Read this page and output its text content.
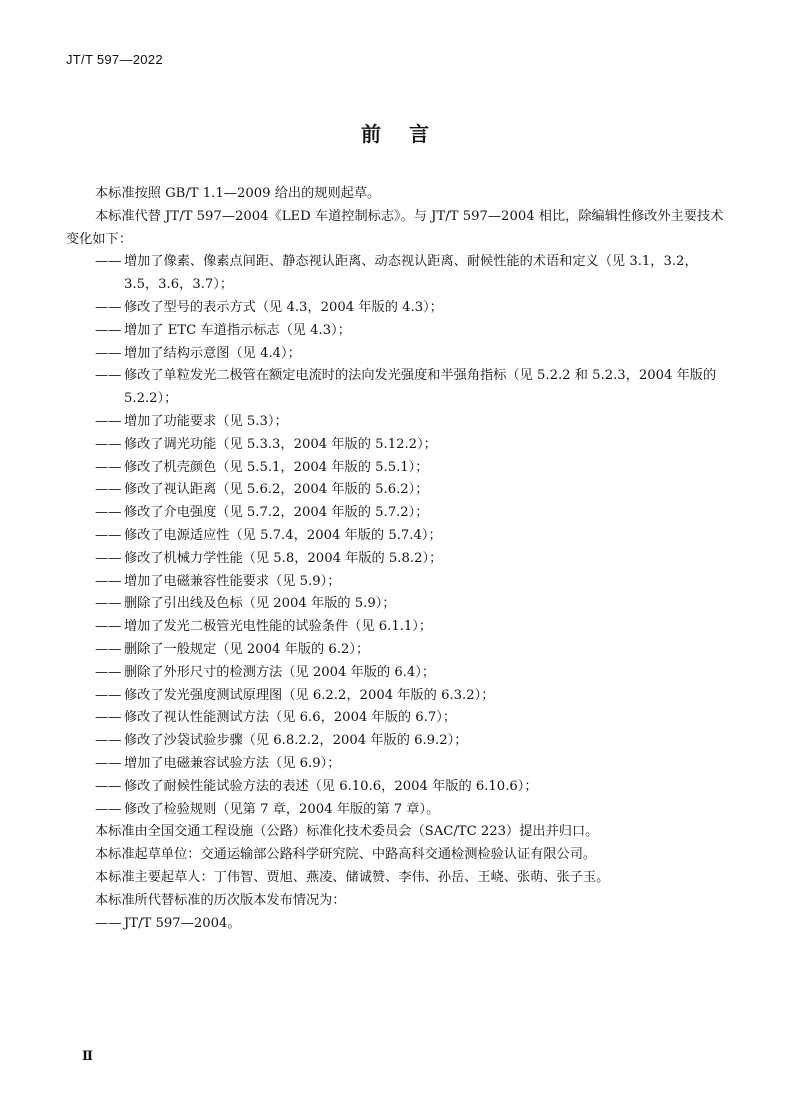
JT/T 597—2022
前言

本标准按照 GB/T 1.1—2009 给出的规则起草。

本标准代替 JT/T 597—2004《LED 车道控制标志》。与 JT/T 597—2004 相比，除编辑性修改外主要技术变化如下：

—— 增加了像素、像素点间距、静态视认距离、动态视认距离、耐候性能的术语和定义（见 3.1，3.2，3.5，3.6，3.7）；

—— 修改了型号的表示方式（见 4.3，2004 年版的 4.3）；

—— 增加了 ETC 车道指示标志（见 4.3）；

—— 增加了结构示意图（见 4.4）；

—— 修改了单粒发光二极管在额定电流时的法向发光强度和半强角指标（见 5.2.2 和 5.2.3，2004 年版的 5.2.2）；

—— 增加了功能要求（见 5.3）；

—— 修改了调光功能（见 5.3.3，2004 年版的 5.12.2）；

—— 修改了机壳颜色（见 5.5.1，2004 年版的 5.5.1）；

—— 修改了视认距离（见 5.6.2，2004 年版的 5.6.2）；

—— 修改了介电强度（见 5.7.2，2004 年版的 5.7.2）；

—— 修改了电源适应性（见 5.7.4，2004 年版的 5.7.4）；

—— 修改了机械力学性能（见 5.8，2004 年版的 5.8.2）；

—— 增加了电磁兼容性能要求（见 5.9）；

—— 删除了引出线及色标（见 2004 年版的 5.9）；

—— 增加了发光二极管光电性能的试验条件（见 6.1.1）；

—— 删除了一般规定（见 2004 年版的 6.2）；

—— 删除了外形尺寸的检测方法（见 2004 年版的 6.4）；

—— 修改了发光强度测试原理图（见 6.2.2，2004 年版的 6.3.2）；

—— 修改了视认性能测试方法（见 6.6，2004 年版的 6.7）；

—— 修改了沙袋试验步骤（见 6.8.2.2，2004 年版的 6.9.2）；

—— 增加了电磁兼容试验方法（见 6.9）；

—— 修改了耐候性能试验方法的表述（见 6.10.6，2004 年版的 6.10.6）；

—— 修改了检验规则（见第 7 章，2004 年版的第 7 章）。

本标准由全国交通工程设施（公路）标准化技术委员会（SAC/TC 223）提出并归口。

本标准起草单位：交通运输部公路科学研究院、中路高科交通检测检验认证有限公司。

本标准主要起草人：丁伟智、贾旭、燕凌、储诚赞、李伟、孙岳、王峣、张萌、张子玉。

本标准所代替标准的历次版本发布情况为：

—— JT/T 597—2004。

Ⅱ
